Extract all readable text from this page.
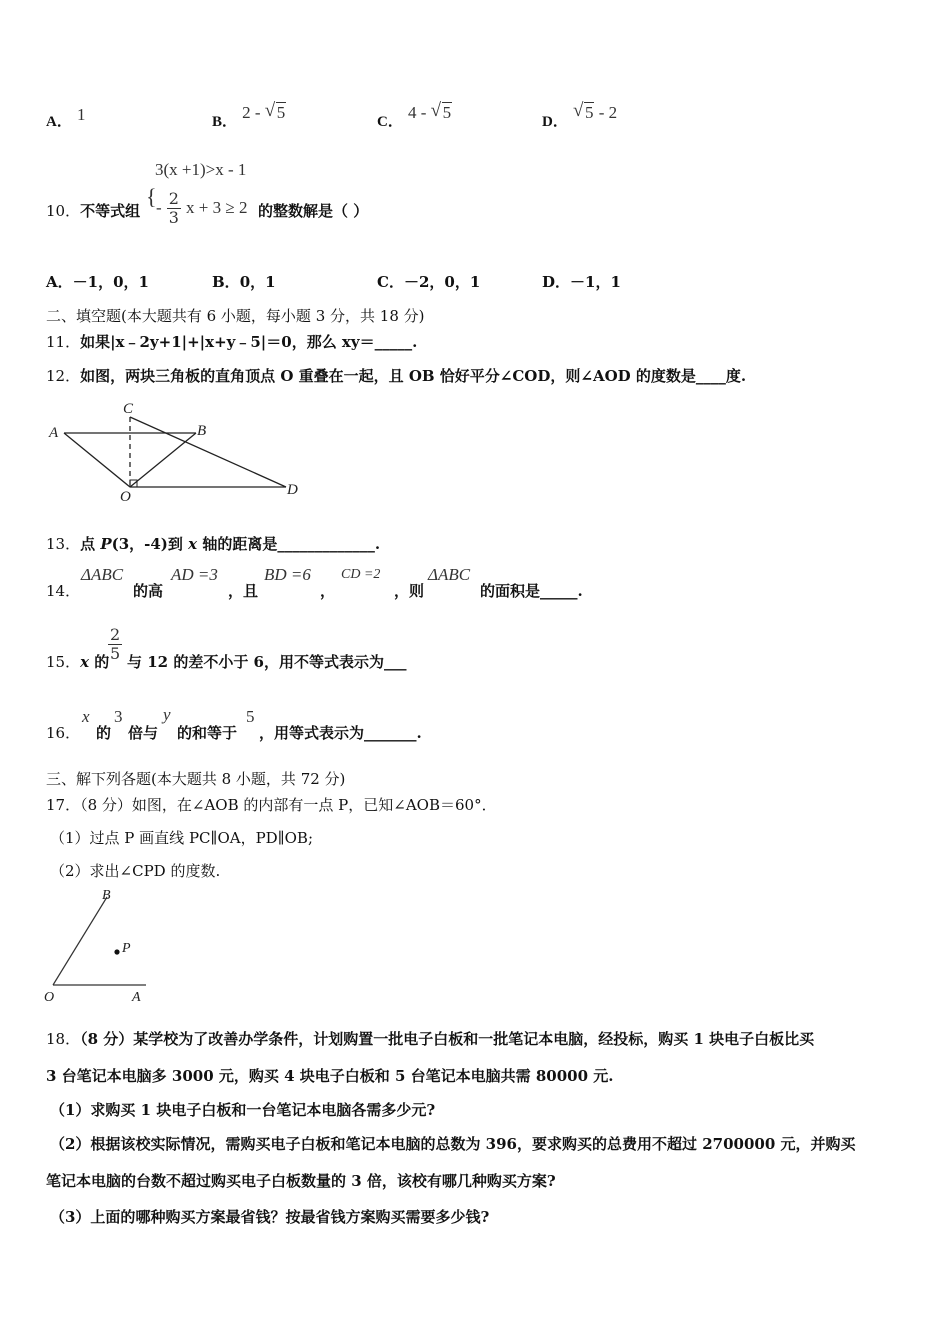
A． 1	B． 2 - √ 5	C． 4 - √ 5	D．
√ 5 - 2
3(x +1)>x - 1
10．不等式组
{ - $\frac{2}{3}$ x + 3 ≥ 2 的整数解是（ ）
A．－1，0，1	B．0，1	C．－2，0，1	D．－1，1
二、填空题(本大题共有 6 小题，每小题 3 分，共 18 分)
11．如果|x﹣2y+1|+|x+y﹣5|＝0，那么 xy＝_____.
12．如图，两块三角板的直角顶点 O 重叠在一起，且 OB 恰好平分∠COD，则∠AOD 的度数是____度.
A	B
C
O	D
13．点 P(3，-4)到 x 轴的距离是_____________.
14．
ΔABC
的高
AD =3
，且
BD =6
，
CD =2
，则
ΔABC
的面积是_____.
15．x 的
$\frac{2}{5}$ 与 12 的差不小于 6，用不等式表示为___
16．
x
的
3
倍与
y
的和等于
5
，用等式表示为_______.
三、解下列各题(本大题共 8 小题，共 72 分)
17．（8 分）如图，在∠AOB 的内部有一点 P，已知∠AOB＝60°．
（1）过点 P 画直线 PC∥OA，PD∥OB;
（2）求出∠CPD 的度数.
B
P
O	A
18．（8 分）某学校为了改善办学条件，计划购置一批电子白板和一批笔记本电脑，经投标，购买 1 块电子白板比买
3 台笔记本电脑多 3000 元，购买 4 块电子白板和 5 台笔记本电脑共需 80000 元.
（1）求购买 1 块电子白板和一台笔记本电脑各需多少元?
（2）根据该校实际情况，需购买电子白板和笔记本电脑的总数为 396，要求购买的总费用不超过 2700000 元，并购买
笔记本电脑的台数不超过购买电子白板数量的 3 倍，该校有哪几种购买方案?
（3）上面的哪种购买方案最省钱？按最省钱方案购买需要多少钱?
